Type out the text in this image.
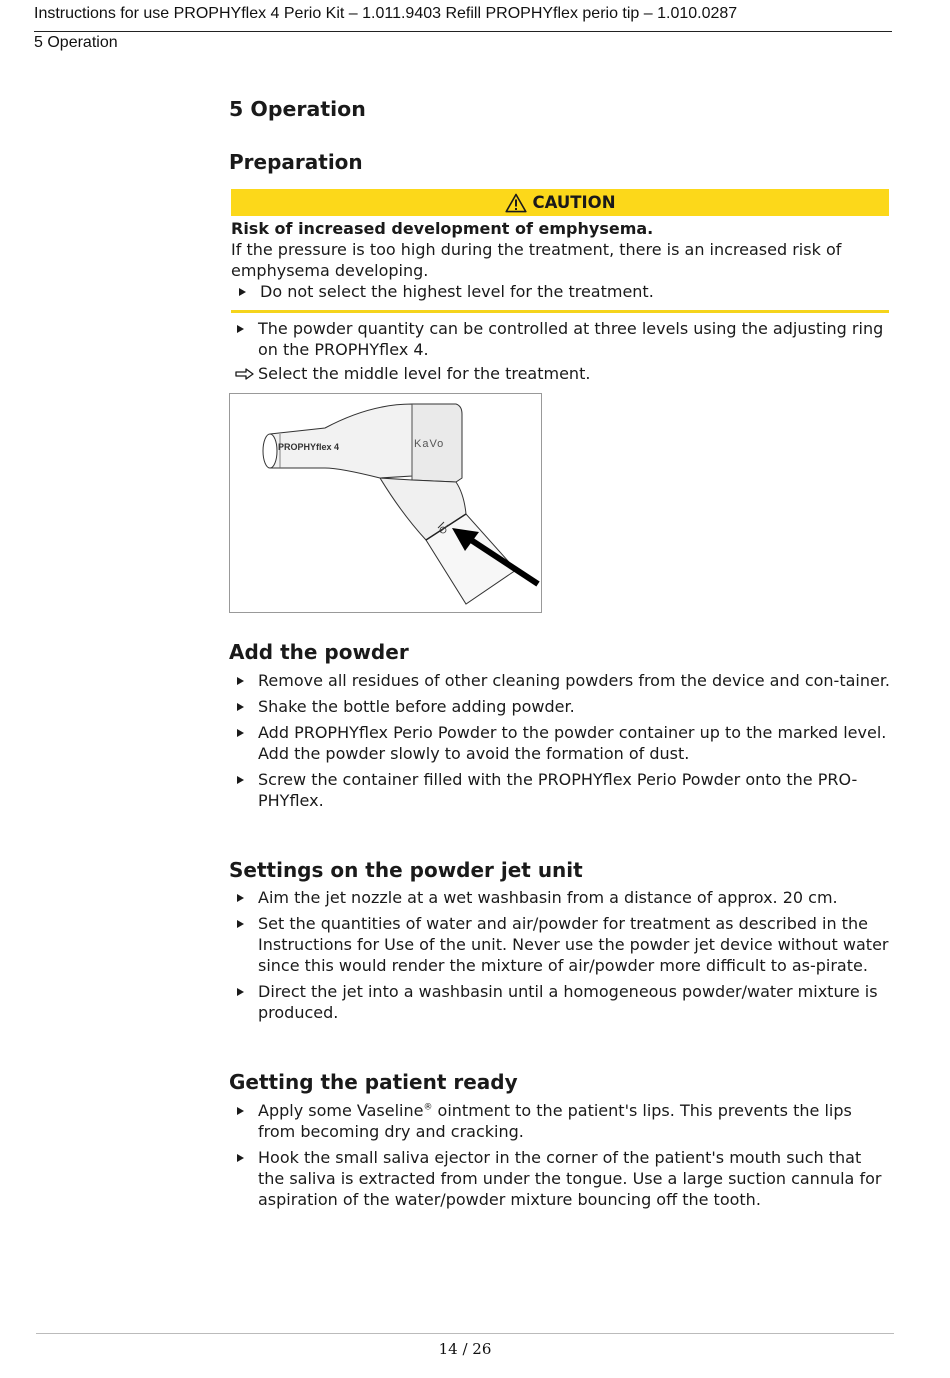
Instructions for use PROPHYflex 4 Perio Kit – 1.011.9403 Refill PROPHYflex perio tip – 1.010.0287
5 Operation
5 Operation
Preparation
CAUTION
Risk of increased development of emphysema.
If the pressure is too high during the treatment, there is an increased risk of emphysema developing.
Do not select the highest level for the treatment.
The powder quantity can be controlled at three levels using the adjusting ring on the PROPHYflex 4.
Select the middle level for the treatment.
PROPHYflex 4	KaVo
Add the powder
Remove all residues of other cleaning powders from the device and con-tainer.
Shake the bottle before adding powder.
Add PROPHYflex Perio Powder to the powder container up to the marked level. Add the powder slowly to avoid the formation of dust.
Screw the container filled with the PROPHYflex Perio Powder onto the PRO-PHYflex.
Settings on the powder jet unit
Aim the jet nozzle at a wet washbasin from a distance of approx. 20 cm.
Set the quantities of water and air/powder for treatment as described in the Instructions for Use of the unit. Never use the powder jet device without water since this would render the mixture of air/powder more difficult to as-pirate.
Direct the jet into a washbasin until a homogeneous powder/water mixture is produced.
Getting the patient ready
Apply some Vaseline® ointment to the patient's lips. This prevents the lips from becoming dry and cracking.
Hook the small saliva ejector in the corner of the patient's mouth such that the saliva is extracted from under the tongue. Use a large suction cannula for aspiration of the water/powder mixture bouncing off the tooth.
14 / 26
